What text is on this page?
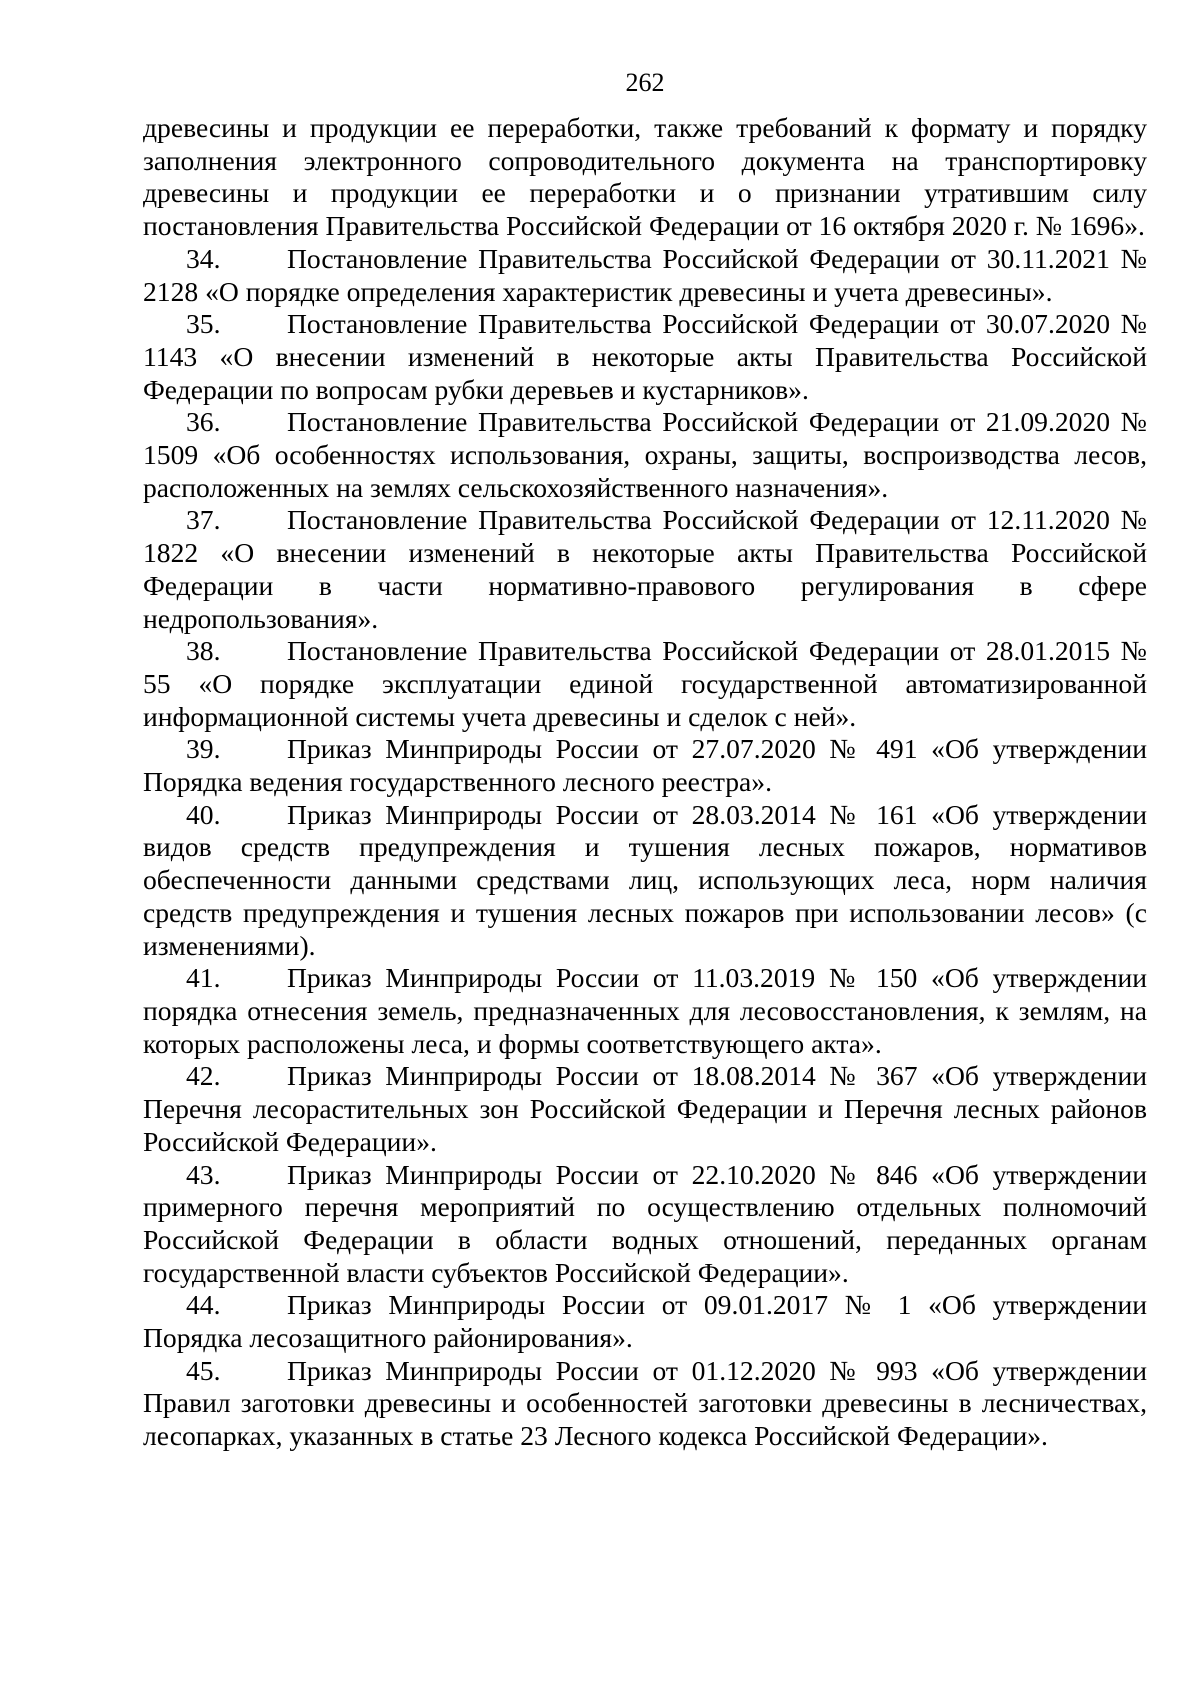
262

древесины и продукции ее переработки, также требований к формату и порядку заполнения электронного сопроводительного документа на транспортировку древесины и продукции ее переработки и о признании утратившим силу постановления Правительства Российской Федерации от 16 октября 2020 г. № 1696».

34. Постановление Правительства Российской Федерации от 30.11.2021 № 2128 «О порядке определения характеристик древесины и учета древесины».

35. Постановление Правительства Российской Федерации от 30.07.2020 № 1143 «О внесении изменений в некоторые акты Правительства Российской Федерации по вопросам рубки деревьев и кустарников».

36. Постановление Правительства Российской Федерации от 21.09.2020 № 1509 «Об особенностях использования, охраны, защиты, воспроизводства лесов, расположенных на землях сельскохозяйственного назначения».

37. Постановление Правительства Российской Федерации от 12.11.2020 № 1822 «О внесении изменений в некоторые акты Правительства Российской Федерации в части нормативно-правового регулирования в сфере недропользования».

38. Постановление Правительства Российской Федерации от 28.01.2015 № 55 «О порядке эксплуатации единой государственной автоматизированной информационной системы учета древесины и сделок с ней».

39. Приказ Минприроды России от 27.07.2020 № 491 «Об утверждении Порядка ведения государственного лесного реестра».

40. Приказ Минприроды России от 28.03.2014 № 161 «Об утверждении видов средств предупреждения и тушения лесных пожаров, нормативов обеспеченности данными средствами лиц, использующих леса, норм наличия средств предупреждения и тушения лесных пожаров при использовании лесов» (с изменениями).

41. Приказ Минприроды России от 11.03.2019 № 150 «Об утверждении порядка отнесения земель, предназначенных для лесовосстановления, к землям, на которых расположены леса, и формы соответствующего акта».

42. Приказ Минприроды России от 18.08.2014 № 367 «Об утверждении Перечня лесорастительных зон Российской Федерации и Перечня лесных районов Российской Федерации».

43. Приказ Минприроды России от 22.10.2020 № 846 «Об утверждении примерного перечня мероприятий по осуществлению отдельных полномочий Российской Федерации в области водных отношений, переданных органам государственной власти субъектов Российской Федерации».

44. Приказ Минприроды России от 09.01.2017 № 1 «Об утверждении Порядка лесозащитного районирования».

45. Приказ Минприроды России от 01.12.2020 № 993 «Об утверждении Правил заготовки древесины и особенностей заготовки древесины в лесничествах, лесопарках, указанных в статье 23 Лесного кодекса Российской Федерации».
